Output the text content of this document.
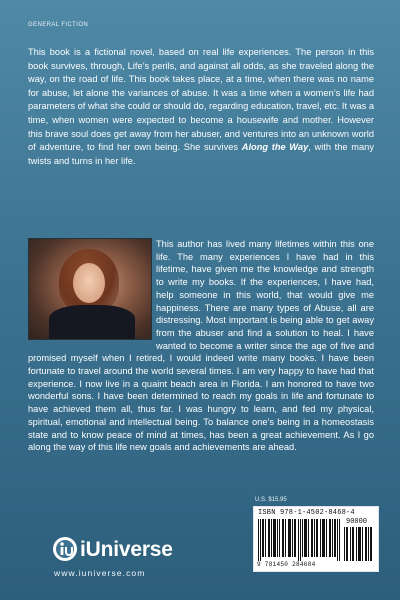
GENERAL FICTION
This book is a fictional novel, based on real life experiences. The person in this book survives, through, Life’s perils, and against all odds, as she traveled along the way, on the road of life. This book takes place, at a time, when there was no name for abuse, let alone the variances of abuse. It was a time when a women’s life had parameters of what she could or should do, regarding education, travel, etc. It was a time, when women were expected to become a housewife and mother. However this brave soul does get away from her abuser, and ventures into an unknown world of adventure, to find her own being. She survives Along the Way, with the many twists and turns in her life.
This author has lived many lifetimes within this one life. The many experiences I have had in this lifetime, have given me the knowledge and strength to write my books. If the experiences, I have had, help someone in this world, that would give me happiness. There are many types of Abuse, all are distressing. Most important is being able to get away from the abuser and find a solution to heal. I have wanted to become a writer since the age of five and promised myself when I retired, I would indeed write many books. I have been fortunate to travel around the world several times. I am very happy to have had that experience. I now live in a quaint beach area in Florida. I am honored to have two wonderful sons. I have been determined to reach my goals in life and fortunate to have achieved them all, thus far. I was hungry to learn, and fed my physical, spiritual, emotional and intellectual being. To balance one’s being in a homeostasis state and to know peace of mind at times, has been a great achievement. As I go along the way of this life new goals and achievements are ahead.
U.S. $15.95
ISBN 978-1-4502-8468-4
90000
9 781450 284684
iUniverse
www.iuniverse.com
